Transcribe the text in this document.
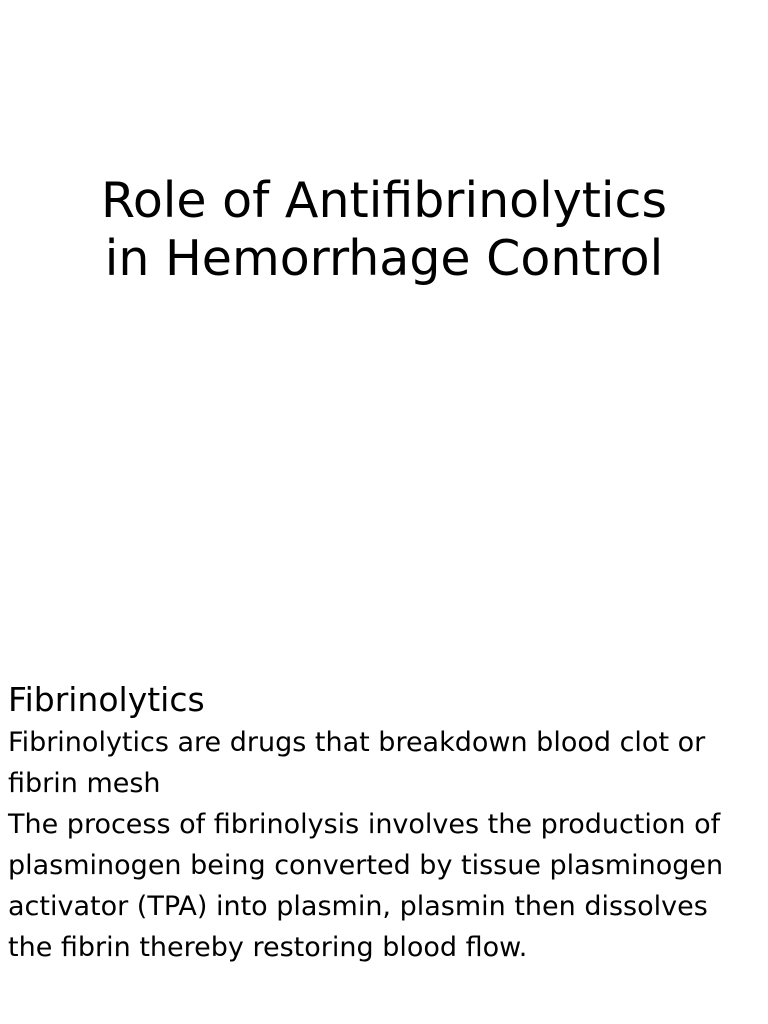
Role of Antifibrinolytics
in Hemorrhage Control
Fibrinolytics

Fibrinolytics are drugs that breakdown blood clot or fibrin mesh

The process of fibrinolysis involves the production of plasminogen being converted by tissue plasminogen activator (TPA) into plasmin, plasmin then dissolves the fibrin thereby restoring blood flow.
